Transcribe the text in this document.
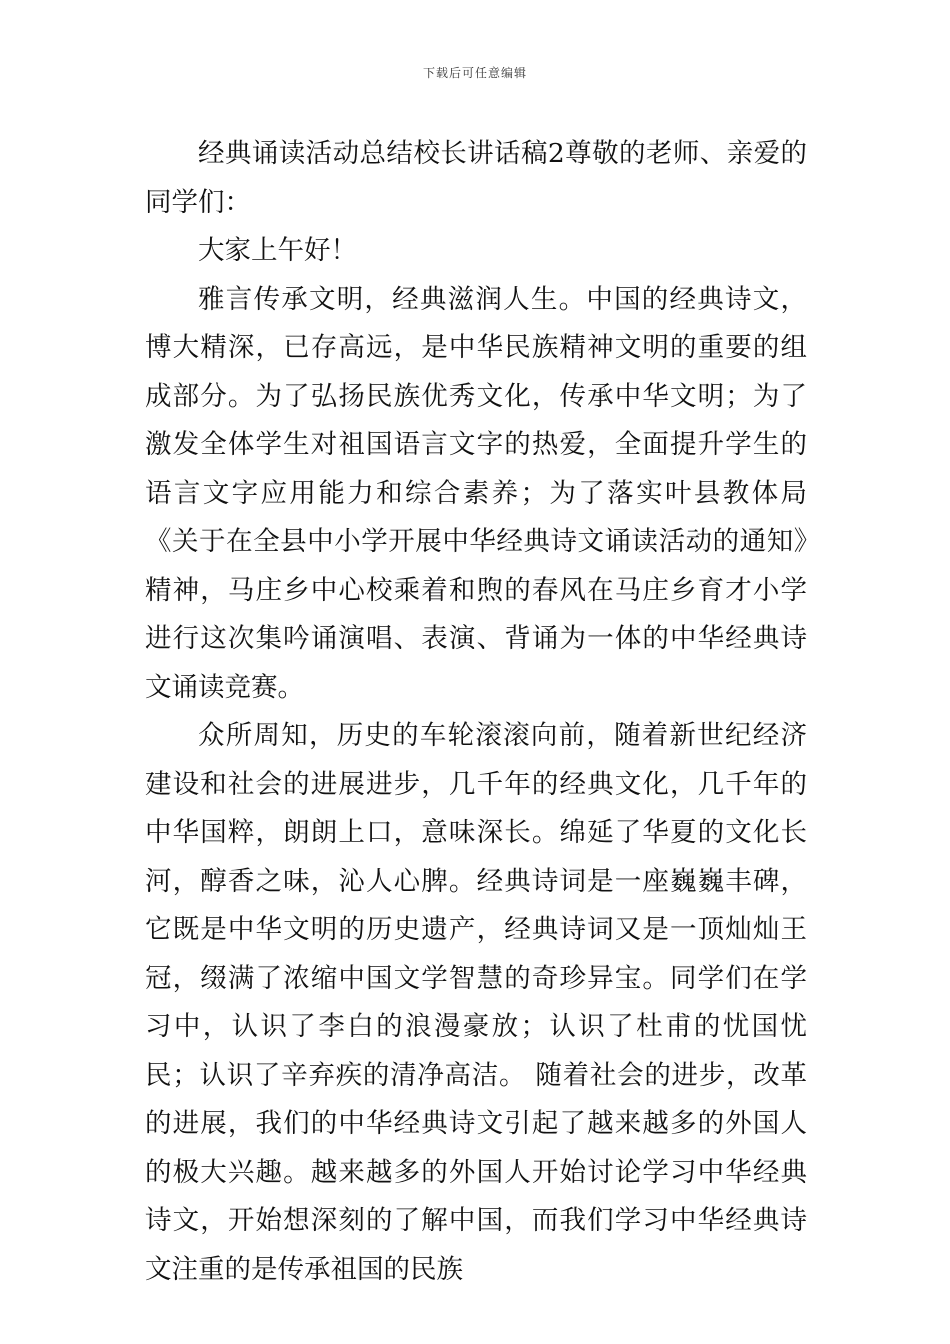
下载后可任意编辑

经典诵读活动总结校长讲话稿2尊敬的老师、亲爱的同学们：

大家上午好！

雅言传承文明，经典滋润人生。中国的经典诗文，博大精深，已存高远，是中华民族精神文明的重要的组成部分。为了弘扬民族优秀文化，传承中华文明；为了激发全体学生对祖国语言文字的热爱，全面提升学生的语言文字应用能力和综合素养；为了落实叶县教体局《关于在全县中小学开展中华经典诗文诵读活动的通知》精神，马庄乡中心校乘着和煦的春风在马庄乡育才小学进行这次集吟诵演唱、表演、背诵为一体的中华经典诗文诵读竞赛。

众所周知，历史的车轮滚滚向前，随着新世纪经济建设和社会的进展进步，几千年的经典文化，几千年的中华国粹，朗朗上口，意味深长。绵延了华夏的文化长河，醇香之味，沁人心脾。经典诗词是一座巍巍丰碑，它既是中华文明的历史遗产，经典诗词又是一顶灿灿王冠，缀满了浓缩中国文学智慧的奇珍异宝。同学们在学习中，认识了李白的浪漫豪放；认识了杜甫的忧国忧民；认识了辛弃疾的清净高洁。 随着社会的进步，改革的进展，我们的中华经典诗文引起了越来越多的外国人的极大兴趣。越来越多的外国人开始讨论学习中华经典诗文，开始想深刻的了解中国，而我们学习中华经典诗文注重的是传承祖国的民族
